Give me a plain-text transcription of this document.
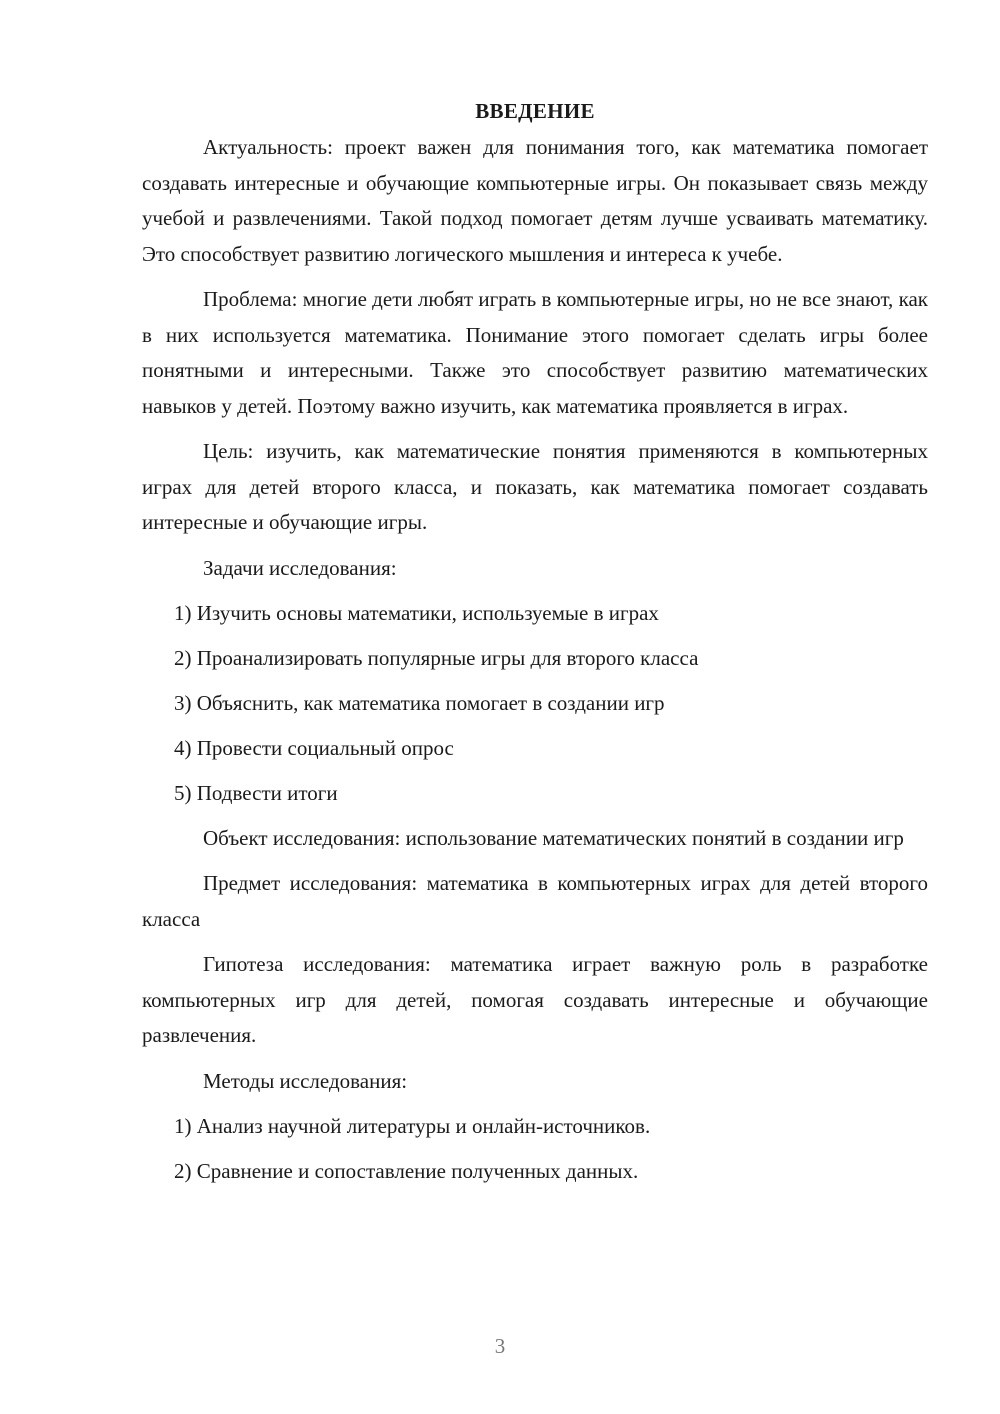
ВВЕДЕНИЕ

Актуальность: проект важен для понимания того, как математика помогает создавать интересные и обучающие компьютерные игры. Он показывает связь между учебой и развлечениями. Такой подход помогает детям лучше усваивать математику. Это способствует развитию логического мышления и интереса к учебе.

Проблема: многие дети любят играть в компьютерные игры, но не все знают, как в них используется математика. Понимание этого помогает сделать игры более понятными и интересными. Также это способствует развитию математических навыков у детей. Поэтому важно изучить, как математика проявляется в играх.

Цель: изучить, как математические понятия применяются в компьютерных играх для детей второго класса, и показать, как математика помогает создавать интересные и обучающие игры.

Задачи исследования:
1) Изучить основы математики, используемые в играх
2) Проанализировать популярные игры для второго класса
3) Объяснить, как математика помогает в создании игр
4) Провести социальный опрос
5) Подвести итоги

Объект исследования: использование математических понятий в создании игр

Предмет исследования: математика в компьютерных играх для детей второго класса

Гипотеза исследования: математика играет важную роль в разработке компьютерных игр для детей, помогая создавать интересные и обучающие развлечения.

Методы исследования:
1) Анализ научной литературы и онлайн-источников.
2) Сравнение и сопоставление полученных данных.
3
